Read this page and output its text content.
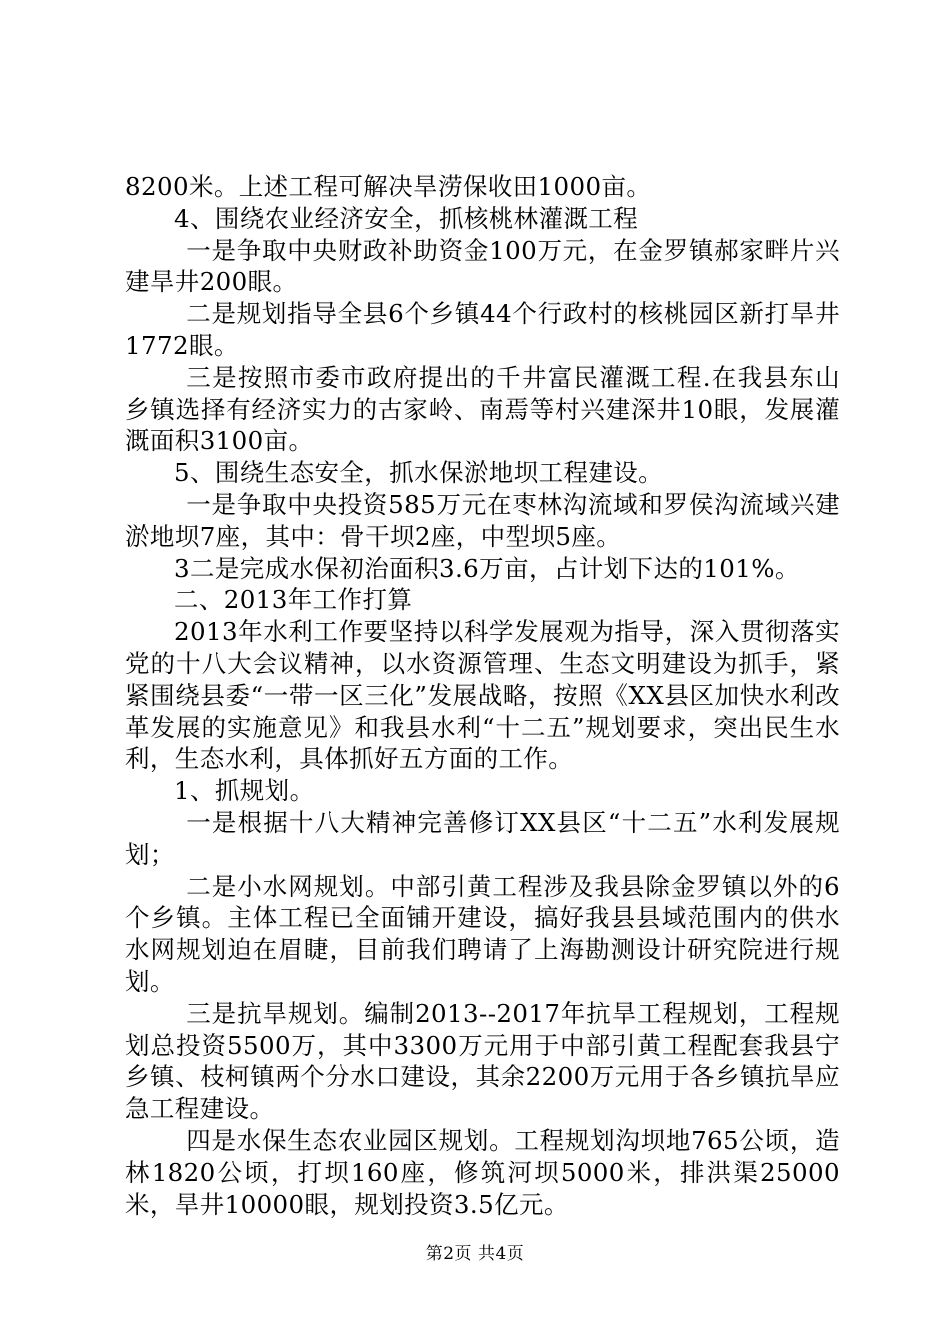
8200米。上述工程可解决旱涝保收田1000亩。

4、围绕农业经济安全，抓核桃林灌溉工程

一是争取中央财政补助资金100万元，在金罗镇郝家畔片兴建旱井200眼。

二是规划指导全县6个乡镇44个行政村的核桃园区新打旱井1772眼。

三是按照市委市政府提出的千井富民灌溉工程.在我县东山乡镇选择有经济实力的古家岭、南焉等村兴建深井10眼，发展灌溉面积3100亩。

5、围绕生态安全，抓水保淤地坝工程建设。

一是争取中央投资585万元在枣林沟流域和罗侯沟流域兴建淤地坝7座，其中：骨干坝2座，中型坝5座。

3二是完成水保初治面积3.6万亩，占计划下达的101%。

二、2013年工作打算

2013年水利工作要坚持以科学发展观为指导，深入贯彻落实党的十八大会议精神，以水资源管理、生态文明建设为抓手，紧紧围绕县委“一带一区三化”发展战略，按照《XX县区加快水利改革发展的实施意见》和我县水利“十二五”规划要求，突出民生水利，生态水利，具体抓好五方面的工作。

1、抓规划。

一是根据十八大精神完善修订XX县区“十二五”水利发展规划；

二是小水网规划。中部引黄工程涉及我县除金罗镇以外的6个乡镇。主体工程已全面铺开建设，搞好我县县域范围内的供水水网规划迫在眉睫，目前我们聘请了上海勘测设计研究院进行规划。

三是抗旱规划。编制2013--2017年抗旱工程规划，工程规划总投资5500万，其中3300万元用于中部引黄工程配套我县宁乡镇、枝柯镇两个分水口建设，其余2200万元用于各乡镇抗旱应急工程建设。

四是水保生态农业园区规划。工程规划沟坝地765公顷，造林1820公顷，打坝160座，修筑河坝5000米，排洪渠25000米，旱井10000眼，规划投资3.5亿元。

第2页 共4页
